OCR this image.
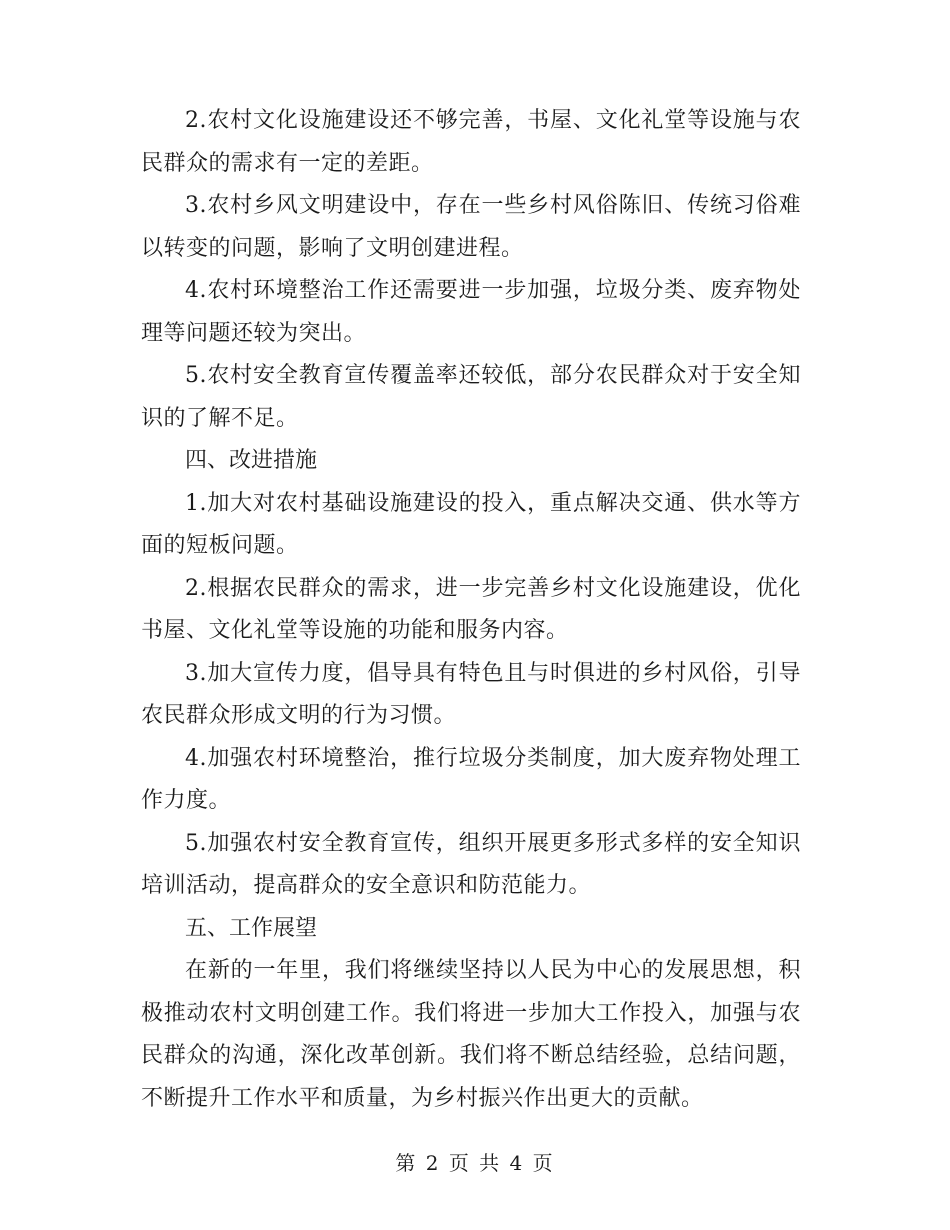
2.农村文化设施建设还不够完善，书屋、文化礼堂等设施与农民群众的需求有一定的差距。

3.农村乡风文明建设中，存在一些乡村风俗陈旧、传统习俗难以转变的问题，影响了文明创建进程。

4.农村环境整治工作还需要进一步加强，垃圾分类、废弃物处理等问题还较为突出。

5.农村安全教育宣传覆盖率还较低，部分农民群众对于安全知识的了解不足。

四、改进措施

1.加大对农村基础设施建设的投入，重点解决交通、供水等方面的短板问题。

2.根据农民群众的需求，进一步完善乡村文化设施建设，优化书屋、文化礼堂等设施的功能和服务内容。

3.加大宣传力度，倡导具有特色且与时俱进的乡村风俗，引导农民群众形成文明的行为习惯。

4.加强农村环境整治，推行垃圾分类制度，加大废弃物处理工作力度。

5.加强农村安全教育宣传，组织开展更多形式多样的安全知识培训活动，提高群众的安全意识和防范能力。

五、工作展望

在新的一年里，我们将继续坚持以人民为中心的发展思想，积极推动农村文明创建工作。我们将进一步加大工作投入，加强与农民群众的沟通，深化改革创新。我们将不断总结经验，总结问题，不断提升工作水平和质量，为乡村振兴作出更大的贡献。

第 2 页 共 4 页
